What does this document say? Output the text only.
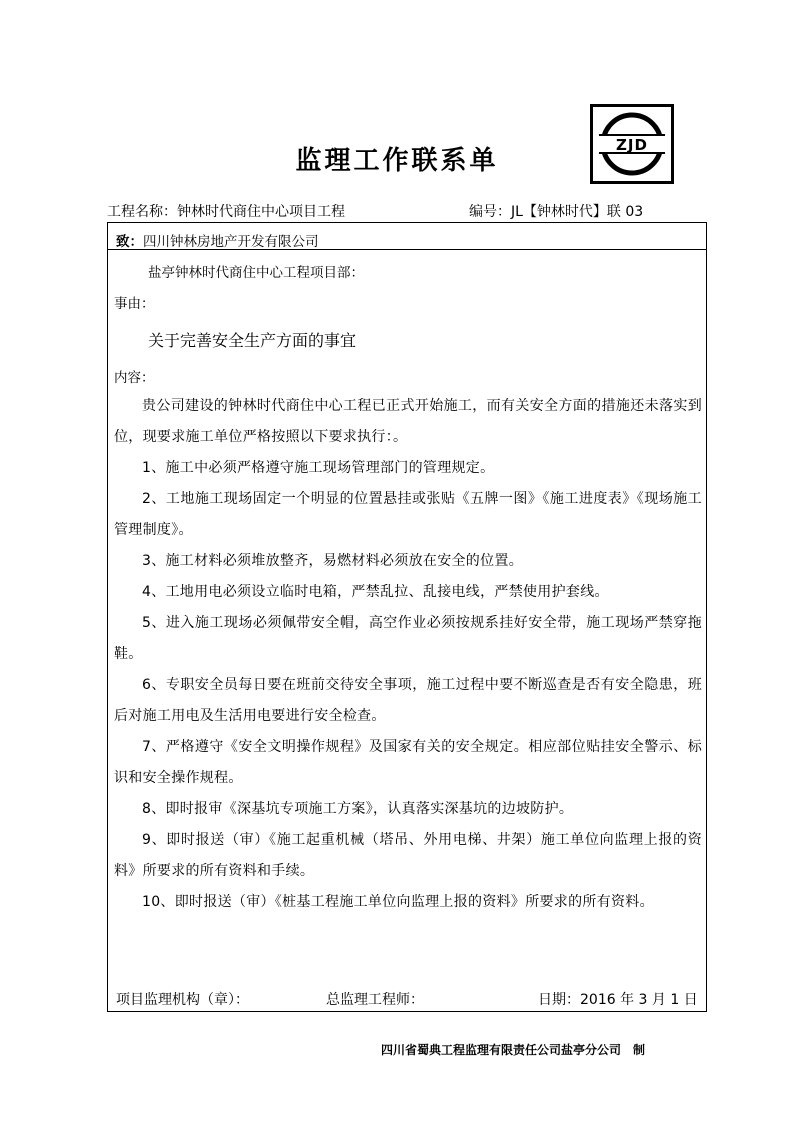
ZJD
监理工作联系单
工程名称：钟林时代商住中心项目工程	编号：JL【钟林时代】联 03
致：四川钟林房地产开发有限公司
盐亭钟林时代商住中心工程项目部：
事由：
关于完善安全生产方面的事宜
内容：
贵公司建设的钟林时代商住中心工程已正式开始施工，而有关安全方面的措施还未落实到位，现要求施工单位严格按照以下要求执行：。
1、施工中必须严格遵守施工现场管理部门的管理规定。
2、工地施工现场固定一个明显的位置悬挂或张贴《五牌一图》《施工进度表》《现场施工管理制度》。
3、施工材料必须堆放整齐，易燃材料必须放在安全的位置。
4、工地用电必须设立临时电箱，严禁乱拉、乱接电线，严禁使用护套线。
5、进入施工现场必须佩带安全帽，高空作业必须按规系挂好安全带，施工现场严禁穿拖鞋。
6、专职安全员每日要在班前交待安全事项，施工过程中要不断巡查是否有安全隐患，班后对施工用电及生活用电要进行安全检查。
7、严格遵守《安全文明操作规程》及国家有关的安全规定。相应部位贴挂安全警示、标识和安全操作规程。
8、即时报审《深基坑专项施工方案》，认真落实深基坑的边坡防护。
9、即时报送（审）《施工起重机械（塔吊、外用电梯、井架）施工单位向监理上报的资料》所要求的所有资料和手续。
10、即时报送（审）《桩基工程施工单位向监理上报的资料》所要求的所有资料。
项目监理机构（章）：	总监理工程师：	日期：2016 年 3 月 1 日
四川省蜀典工程监理有限责任公司盐亭分公司　制
